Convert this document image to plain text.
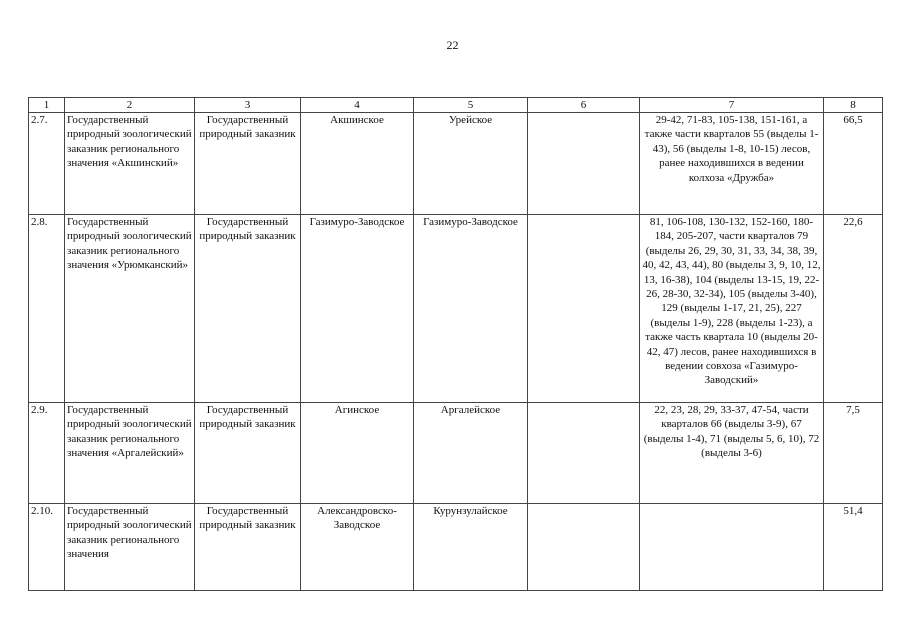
22
1	2	3	4	5	6	7	8
2.7.	Государственный природный зоологический заказник регионального значения «Акшинский»	Государственный природный заказник	Акшинское	Урейское		29-42, 71-83, 105-138, 151-161, а также части кварталов 55 (выделы 1-43), 56 (выделы 1-8, 10-15) лесов, ранее находившихся в ведении колхоза «Дружба»	66,5
2.8.	Государственный природный зоологический заказник регионального значения «Урюмканский»	Государственный природный заказник	Газимуро-Заводское	Газимуро-Заводское		81, 106-108, 130-132, 152-160, 180-184, 205-207, части кварталов 79 (выделы 26, 29, 30, 31, 33, 34, 38, 39, 40, 42, 43, 44), 80 (выделы 3, 9, 10, 12, 13, 16-38), 104 (выделы 13-15, 19, 22-26, 28-30, 32-34), 105 (выделы 3-40), 129 (выделы 1-17, 21, 25), 227 (выделы 1-9), 228 (выделы 1-23), а также часть квартала 10 (выделы 20-42, 47) лесов, ранее находившихся в ведении совхоза «Газимуро-Заводский»	22,6
2.9.	Государственный природный зоологический заказник регионального значения «Аргалейский»	Государственный природный заказник	Агинское	Аргалейское		22, 23, 28, 29, 33-37, 47-54, части кварталов 66 (выделы 3-9), 67 (выделы 1-4), 71 (выделы 5, 6, 10), 72 (выделы 3-6)	7,5
2.10.	Государственный природный зоологический заказник регионального значения	Государственный природный заказник	Александровско-Заводское	Курунзулайское			51,4
